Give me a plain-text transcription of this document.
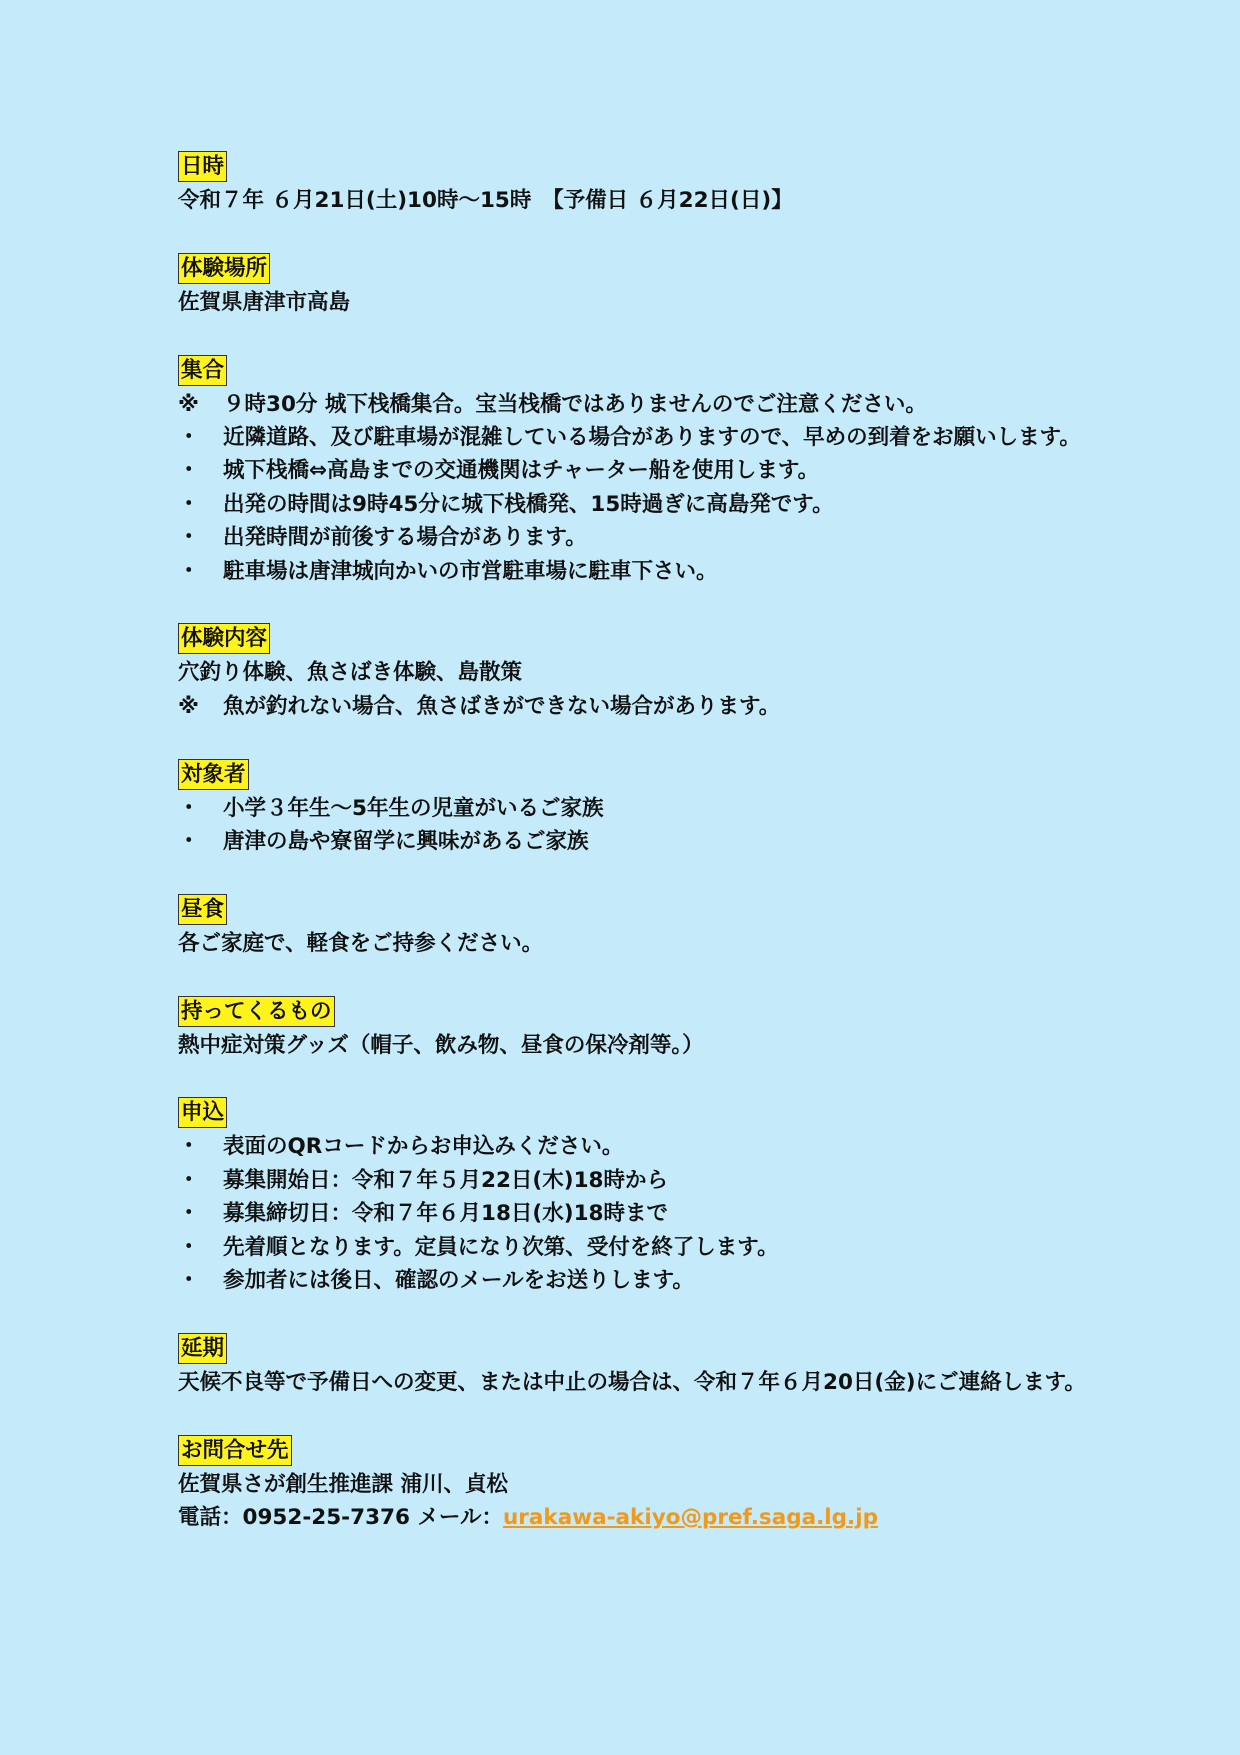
日時
令和７年 ６月21日(土)10時～15時　【予備日 ６月22日(日)】
体験場所
佐賀県唐津市高島
集合
※	９時30分 城下栈橋集合。宝当栈橋ではありませんのでご注意ください。
・	近隣道路、及び駐車場が混雑している場合がありますので、早めの到着をお願いします。
・	城下栈橋⇔高島までの交通機関はチャーター船を使用します。
・	出発の時間は9時45分に城下栈橋発、15時過ぎに高島発です。
・	出発時間が前後する場合があります。
・	駐車場は唐津城向かいの市営駐車場に駐車下さい。
体験内容
穴釣り体験、魚さばき体験、島散策
※	魚が釣れない場合、魚さばきができない場合があります。
対象者
・	小学３年生～5年生の児童がいるご家族
・	唐津の島や寮留学に興味があるご家族
昼食
各ご家庭で、軽食をご持参ください。
持ってくるもの
熱中症対策グッズ（帽子、飲み物、昼食の保冷剤等。）
申込
・	表面のQRコードからお申込みください。
・	募集開始日：令和７年５月22日(木)18時から
・	募集締切日：令和７年６月18日(水)18時まで
・	先着順となります。定員になり次第、受付を終了します。
・	参加者には後日、確認のメールをお送りします。
延期
天候不良等で予備日への変更、または中止の場合は、令和７年６月20日(金)にご連絡します。
お問合せ先
佐賀県さが創生推進課 浦川、貞松
電話：0952-25-7376 メール：urakawa-akiyo@pref.saga.lg.jp
